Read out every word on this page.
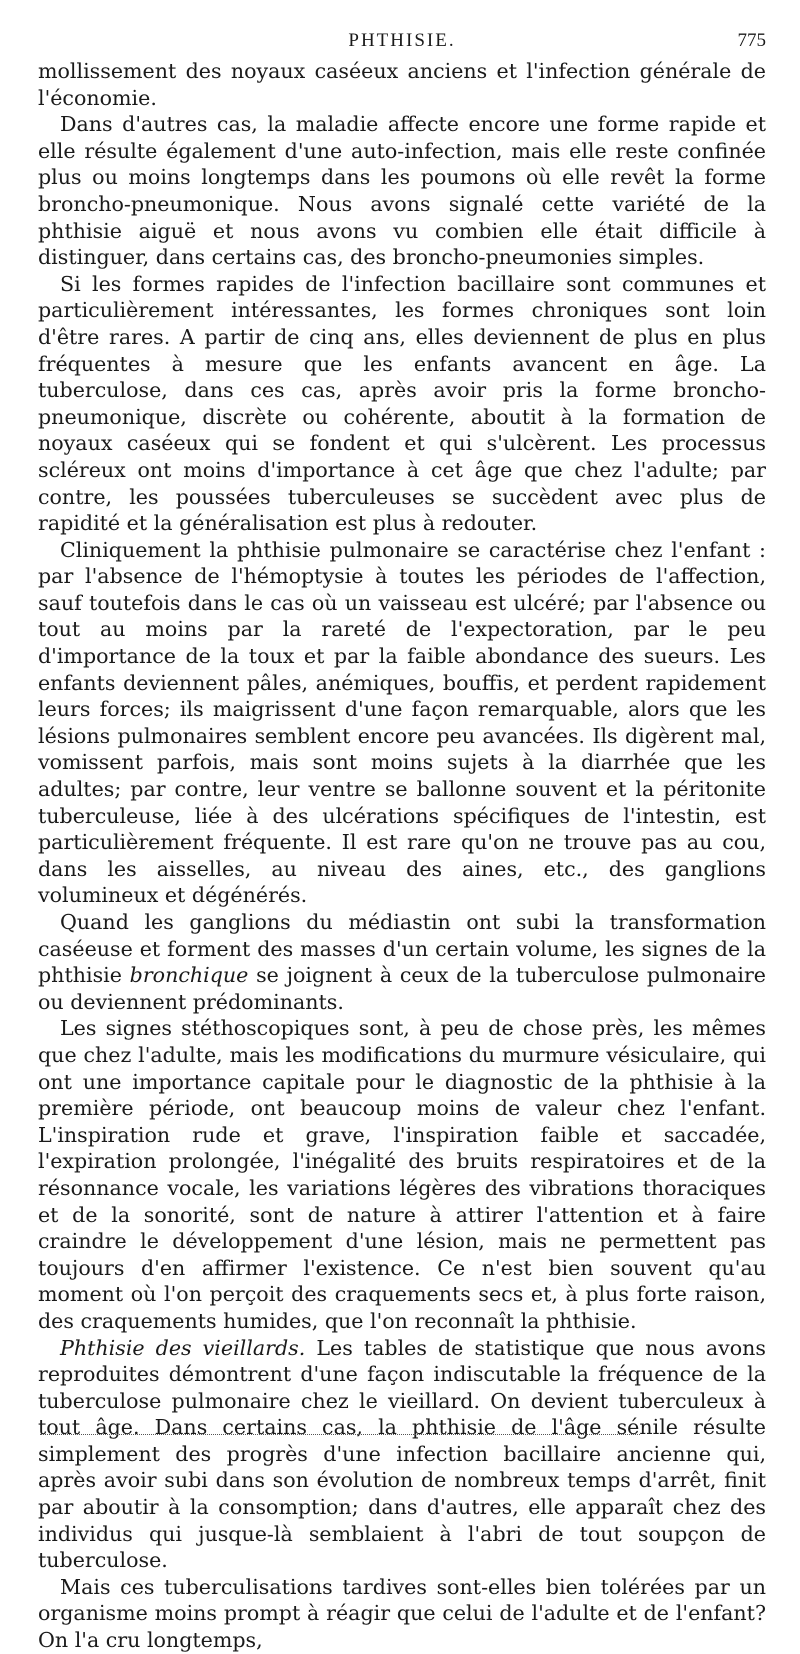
PHTHISIE.	775

mollissement des noyaux caséeux anciens et l'infection générale de l'économie.

Dans d'autres cas, la maladie affecte encore une forme rapide et elle résulte également d'une auto-infection, mais elle reste confinée plus ou moins longtemps dans les poumons où elle revêt la forme broncho-pneumonique. Nous avons signalé cette variété de la phthisie aiguë et nous avons vu combien elle était difficile à distinguer, dans certains cas, des broncho-pneumonies simples.

Si les formes rapides de l'infection bacillaire sont communes et particulièrement intéressantes, les formes chroniques sont loin d'être rares. A partir de cinq ans, elles deviennent de plus en plus fréquentes à mesure que les enfants avancent en âge. La tuberculose, dans ces cas, après avoir pris la forme broncho-pneumonique, discrète ou cohérente, aboutit à la formation de noyaux caséeux qui se fondent et qui s'ulcèrent. Les processus scléreux ont moins d'importance à cet âge que chez l'adulte; par contre, les poussées tuberculeuses se succèdent avec plus de rapidité et la généralisation est plus à redouter.

Cliniquement la phthisie pulmonaire se caractérise chez l'enfant : par l'absence de l'hémoptysie à toutes les périodes de l'affection, sauf toutefois dans le cas où un vaisseau est ulcéré; par l'absence ou tout au moins par la rareté de l'expectoration, par le peu d'importance de la toux et par la faible abondance des sueurs. Les enfants deviennent pâles, anémiques, bouffis, et perdent rapidement leurs forces; ils maigrissent d'une façon remarquable, alors que les lésions pulmonaires semblent encore peu avancées. Ils digèrent mal, vomissent parfois, mais sont moins sujets à la diarrhée que les adultes; par contre, leur ventre se ballonne souvent et la péritonite tuberculeuse, liée à des ulcérations spécifiques de l'intestin, est particulièrement fréquente. Il est rare qu'on ne trouve pas au cou, dans les aisselles, au niveau des aines, etc., des ganglions volumineux et dégénérés.

Quand les ganglions du médiastin ont subi la transformation caséeuse et forment des masses d'un certain volume, les signes de la phthisie bronchique se joignent à ceux de la tuberculose pulmonaire ou deviennent prédominants.

Les signes stéthoscopiques sont, à peu de chose près, les mêmes que chez l'adulte, mais les modifications du murmure vésiculaire, qui ont une importance capitale pour le diagnostic de la phthisie à la première période, ont beaucoup moins de valeur chez l'enfant. L'inspiration rude et grave, l'inspiration faible et saccadée, l'expiration prolongée, l'inégalité des bruits respiratoires et de la résonnance vocale, les variations légères des vibrations thoraciques et de la sonorité, sont de nature à attirer l'attention et à faire craindre le développement d'une lésion, mais ne permettent pas toujours d'en affirmer l'existence. Ce n'est bien souvent qu'au moment où l'on perçoit des craquements secs et, à plus forte raison, des craquements humides, que l'on reconnaît la phthisie.

Phthisie des vieillards. Les tables de statistique que nous avons reproduites démontrent d'une façon indiscutable la fréquence de la tuberculose pulmonaire chez le vieillard. On devient tuberculeux à tout âge. Dans certains cas, la phthisie de l'âge sénile résulte simplement des progrès d'une infection bacillaire ancienne qui, après avoir subi dans son évolution de nombreux temps d'arrêt, finit par aboutir à la consomption; dans d'autres, elle apparaît chez des individus qui jusque-là semblaient à l'abri de tout soupçon de tuberculose.

Mais ces tuberculisations tardives sont-elles bien tolérées par un organisme moins prompt à réagir que celui de l'adulte et de l'enfant? On l'a cru longtemps,
